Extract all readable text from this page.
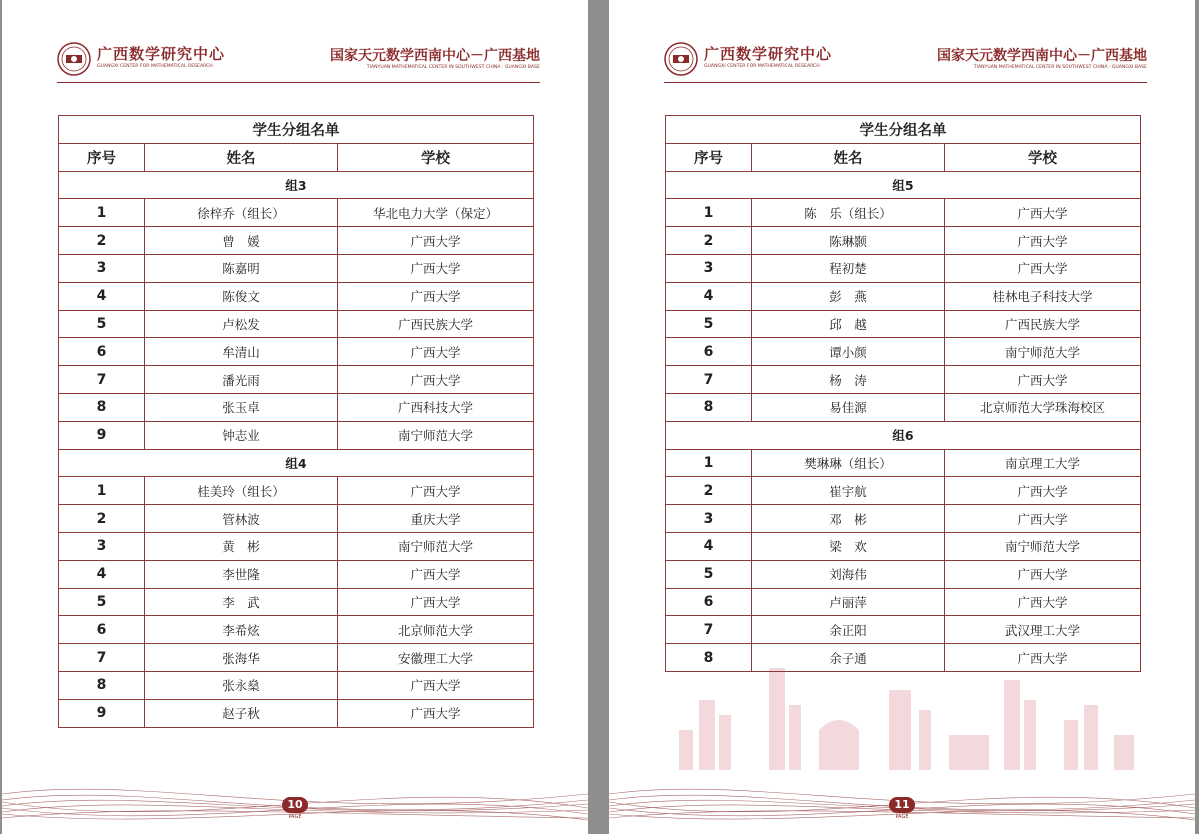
广西数学研究中心
GUANGXI CENTER FOR MATHEMATICAL RESEARCH
国家天元数学西南中心－广西基地
TIANYUAN MATHEMATICAL CENTER IN SOUTHWEST CHINA · GUANGXI BASE
学生分组名单		
序号	姓名	学校
组3		
1	徐梓乔（组长）	华北电力大学（保定）
2	曾　媛	广西大学
3	陈嘉明	广西大学
4	陈俊文	广西大学
5	卢松发	广西民族大学
6	牟清山	广西大学
7	潘光雨	广西大学
8	张玉卓	广西科技大学
9	钟志业	南宁师范大学
组4		
1	桂美玲（组长）	广西大学
2	管林波	重庆大学
3	黄　彬	南宁师范大学
4	李世隆	广西大学
5	李　武	广西大学
6	李希炫	北京师范大学
7	张海华	安徽理工大学
8	张永燊	广西大学
9	赵子秋	广西大学
10
PAGE
广西数学研究中心
GUANGXI CENTER FOR MATHEMATICAL RESEARCH
国家天元数学西南中心－广西基地
TIANYUAN MATHEMATICAL CENTER IN SOUTHWEST CHINA · GUANGXI BASE
学生分组名单		
序号	姓名	学校
组5		
1	陈　乐（组长）	广西大学
2	陈琳颢	广西大学
3	程初楚	广西大学
4	彭　燕	桂林电子科技大学
5	邱　越	广西民族大学
6	谭小颜	南宁师范大学
7	杨　涛	广西大学
8	易佳源	北京师范大学珠海校区
组6		
1	樊琳琳（组长）	南京理工大学
2	崔宇航	广西大学
3	邓　彬	广西大学
4	梁　欢	南宁师范大学
5	刘海伟	广西大学
6	卢丽萍	广西大学
7	余正阳	武汉理工大学
8	余子通	广西大学
11
PAGE
